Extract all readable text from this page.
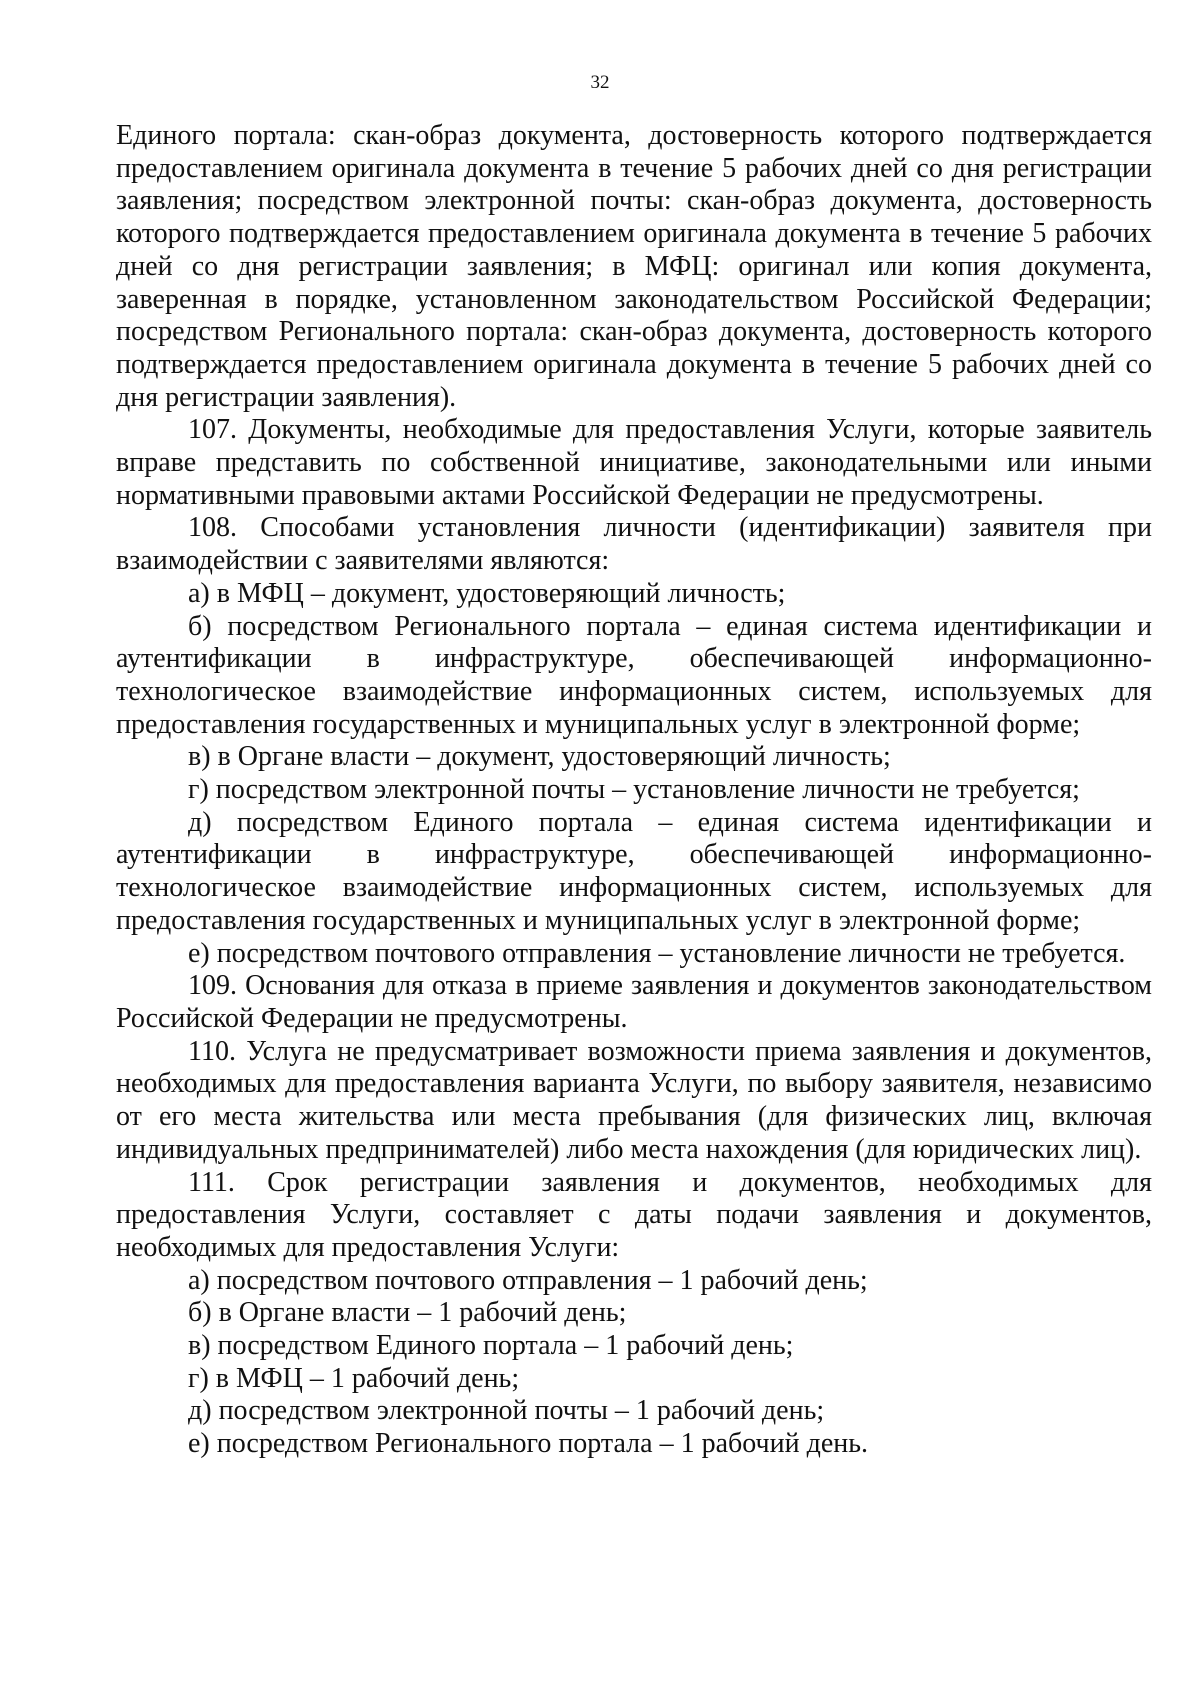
32

Единого портала: скан-образ документа, достоверность которого подтверждается предоставлением оригинала документа в течение 5 рабочих дней со дня регистрации заявления; посредством электронной почты: скан-образ документа, достоверность которого подтверждается предоставлением оригинала документа в течение 5 рабочих дней со дня регистрации заявления; в МФЦ: оригинал или копия документа, заверенная в порядке, установленном законодательством Российской Федерации; посредством Регионального портала: скан-образ документа, достоверность которого подтверждается предоставлением оригинала документа в течение 5 рабочих дней со дня регистрации заявления).

107. Документы, необходимые для предоставления Услуги, которые заявитель вправе представить по собственной инициативе, законодательными или иными нормативными правовыми актами Российской Федерации не предусмотрены.

108. Способами установления личности (идентификации) заявителя при взаимодействии с заявителями являются:

а) в МФЦ – документ, удостоверяющий личность;

б) посредством Регионального портала – единая система идентификации и аутентификации в инфраструктуре, обеспечивающей информационно-технологическое взаимодействие информационных систем, используемых для предоставления государственных и муниципальных услуг в электронной форме;

в) в Органе власти – документ, удостоверяющий личность;

г) посредством электронной почты – установление личности не требуется;

д) посредством Единого портала – единая система идентификации и аутентификации в инфраструктуре, обеспечивающей информационно-технологическое взаимодействие информационных систем, используемых для предоставления государственных и муниципальных услуг в электронной форме;

е) посредством почтового отправления – установление личности не требуется.

109. Основания для отказа в приеме заявления и документов законодательством Российской Федерации не предусмотрены.

110. Услуга не предусматривает возможности приема заявления и документов, необходимых для предоставления варианта Услуги, по выбору заявителя, независимо от его места жительства или места пребывания (для физических лиц, включая индивидуальных предпринимателей) либо места нахождения (для юридических лиц).

111. Срок регистрации заявления и документов, необходимых для предоставления Услуги, составляет с даты подачи заявления и документов, необходимых для предоставления Услуги:

а) посредством почтового отправления – 1 рабочий день;

б) в Органе власти – 1 рабочий день;

в) посредством Единого портала – 1 рабочий день;

г) в МФЦ – 1 рабочий день;

д) посредством электронной почты – 1 рабочий день;

е) посредством Регионального портала – 1 рабочий день.
